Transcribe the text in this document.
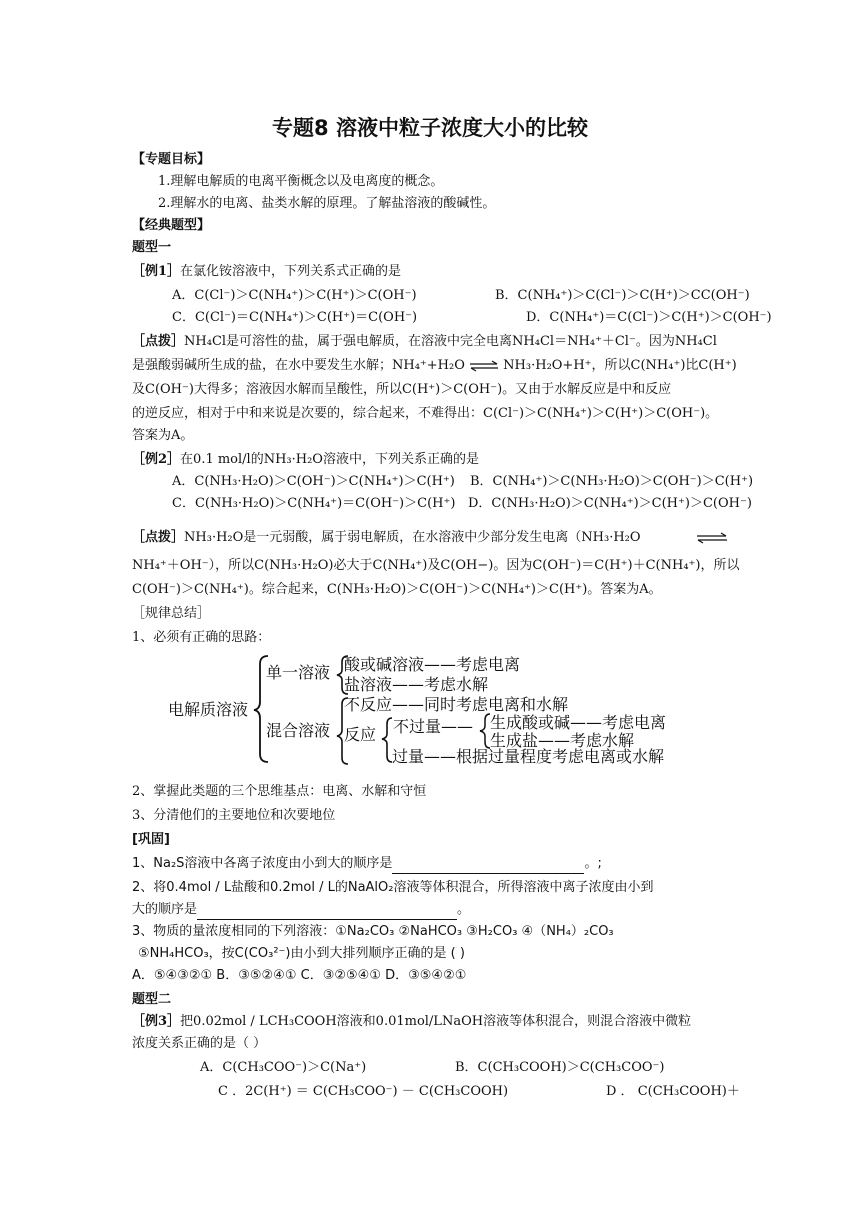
专题8 溶液中粒子浓度大小的比较
【专题目标】
1.理解电解质的电离平衡概念以及电离度的概念。
2.理解水的电离、盐类水解的原理。了解盐溶液的酸碱性。
【经典题型】
题型一
［例1］在氯化铵溶液中，下列关系式正确的是
A．C(Cl⁻)＞C(NH₄⁺)＞C(H⁺)＞C(OH⁻)	B．C(NH₄⁺)＞C(Cl⁻)＞C(H⁺)＞CC(OH⁻)
C．C(Cl⁻)＝C(NH₄⁺)＞C(H⁺)＝C(OH⁻)	D．C(NH₄⁺)＝C(Cl⁻)＞C(H⁺)＞C(OH⁻)
［点拨］NH₄Cl是可溶性的盐，属于强电解质，在溶液中完全电离NH₄Cl＝NH₄⁺＋Cl⁻。因为NH₄Cl
是强酸弱碱所生成的盐，在水中要发生水解；NH₄⁺+H₂O ⇌ NH₃·H₂O+H⁺，所以C(NH₄⁺)比C(H⁺)
及C(OH⁻)大得多；溶液因水解而呈酸性，所以C(H⁺)＞C(OH⁻)。又由于水解反应是中和反应
的逆反应，相对于中和来说是次要的，综合起来，不难得出：C(Cl⁻)＞C(NH₄⁺)＞C(H⁺)＞C(OH⁻)。
答案为A。
［例2］在0.1 mol/l的NH₃·H₂O溶液中，下列关系正确的是
A．C(NH₃·H₂O)＞C(OH⁻)＞C(NH₄⁺)＞C(H⁺) B．C(NH₄⁺)＞C(NH₃·H₂O)＞C(OH⁻)＞C(H⁺)
C．C(NH₃·H₂O)＞C(NH₄⁺)＝C(OH⁻)＞C(H⁺) D．C(NH₃·H₂O)＞C(NH₄⁺)＞C(H⁺)＞C(OH⁻)
［点拨］NH₃·H₂O是一元弱酸，属于弱电解质，在水溶液中少部分发生电离（NH₃·H₂O
NH₄⁺＋OH⁻），所以C(NH₃·H₂O)必大于C(NH₄⁺)及C(OH−)。因为C(OH⁻)＝C(H⁺)＋C(NH₄⁺)，所以
C(OH⁻)＞C(NH₄⁺)。综合起来，C(NH₃·H₂O)＞C(OH⁻)＞C(NH₄⁺)＞C(H⁺)。答案为A。
［规律总结］
1、必须有正确的思路：
电解质溶液
单一溶液
混合溶液
酸或碱溶液——考虑电离
盐溶液——考虑水解
不反应——同时考虑电离和水解
反应 不过量—— 生成酸或碱——考虑电离
生成盐——考虑水解
过量——根据过量程度考虑电离或水解
2、掌握此类题的三个思维基点：电离、水解和守恒
3、分清他们的主要地位和次要地位
[巩固]
1、Na₂S溶液中各离子浓度由小到大的顺序是	。;
2、将0.4mol / L盐酸和0.2mol / L的NaAlO₂溶液等体积混合，所得溶液中离子浓度由小到
大的顺序是	。
3、物质的量浓度相同的下列溶液：①Na₂CO₃ ②NaHCO₃ ③H₂CO₃ ④（NH₄）₂CO₃
⑤NH₄HCO₃，按C(CO₃²⁻)由小到大排列顺序正确的是 ( )
A．⑤④③②① B．③⑤②④① C．③②⑤④① D．③⑤④②①
题型二
［例3］把0.02mol / LCH₃COOH溶液和0.01mol/LNaOH溶液等体积混合，则混合溶液中微粒
浓度关系正确的是（ ）
A．C(CH₃COO⁻)＞C(Na⁺)	B．C(CH₃COOH)＞C(CH₃COO⁻)
C ．2C(H⁺) ＝ C(CH₃COO⁻) － C(CH₃COOH)	D ． C(CH₃COOH)＋
